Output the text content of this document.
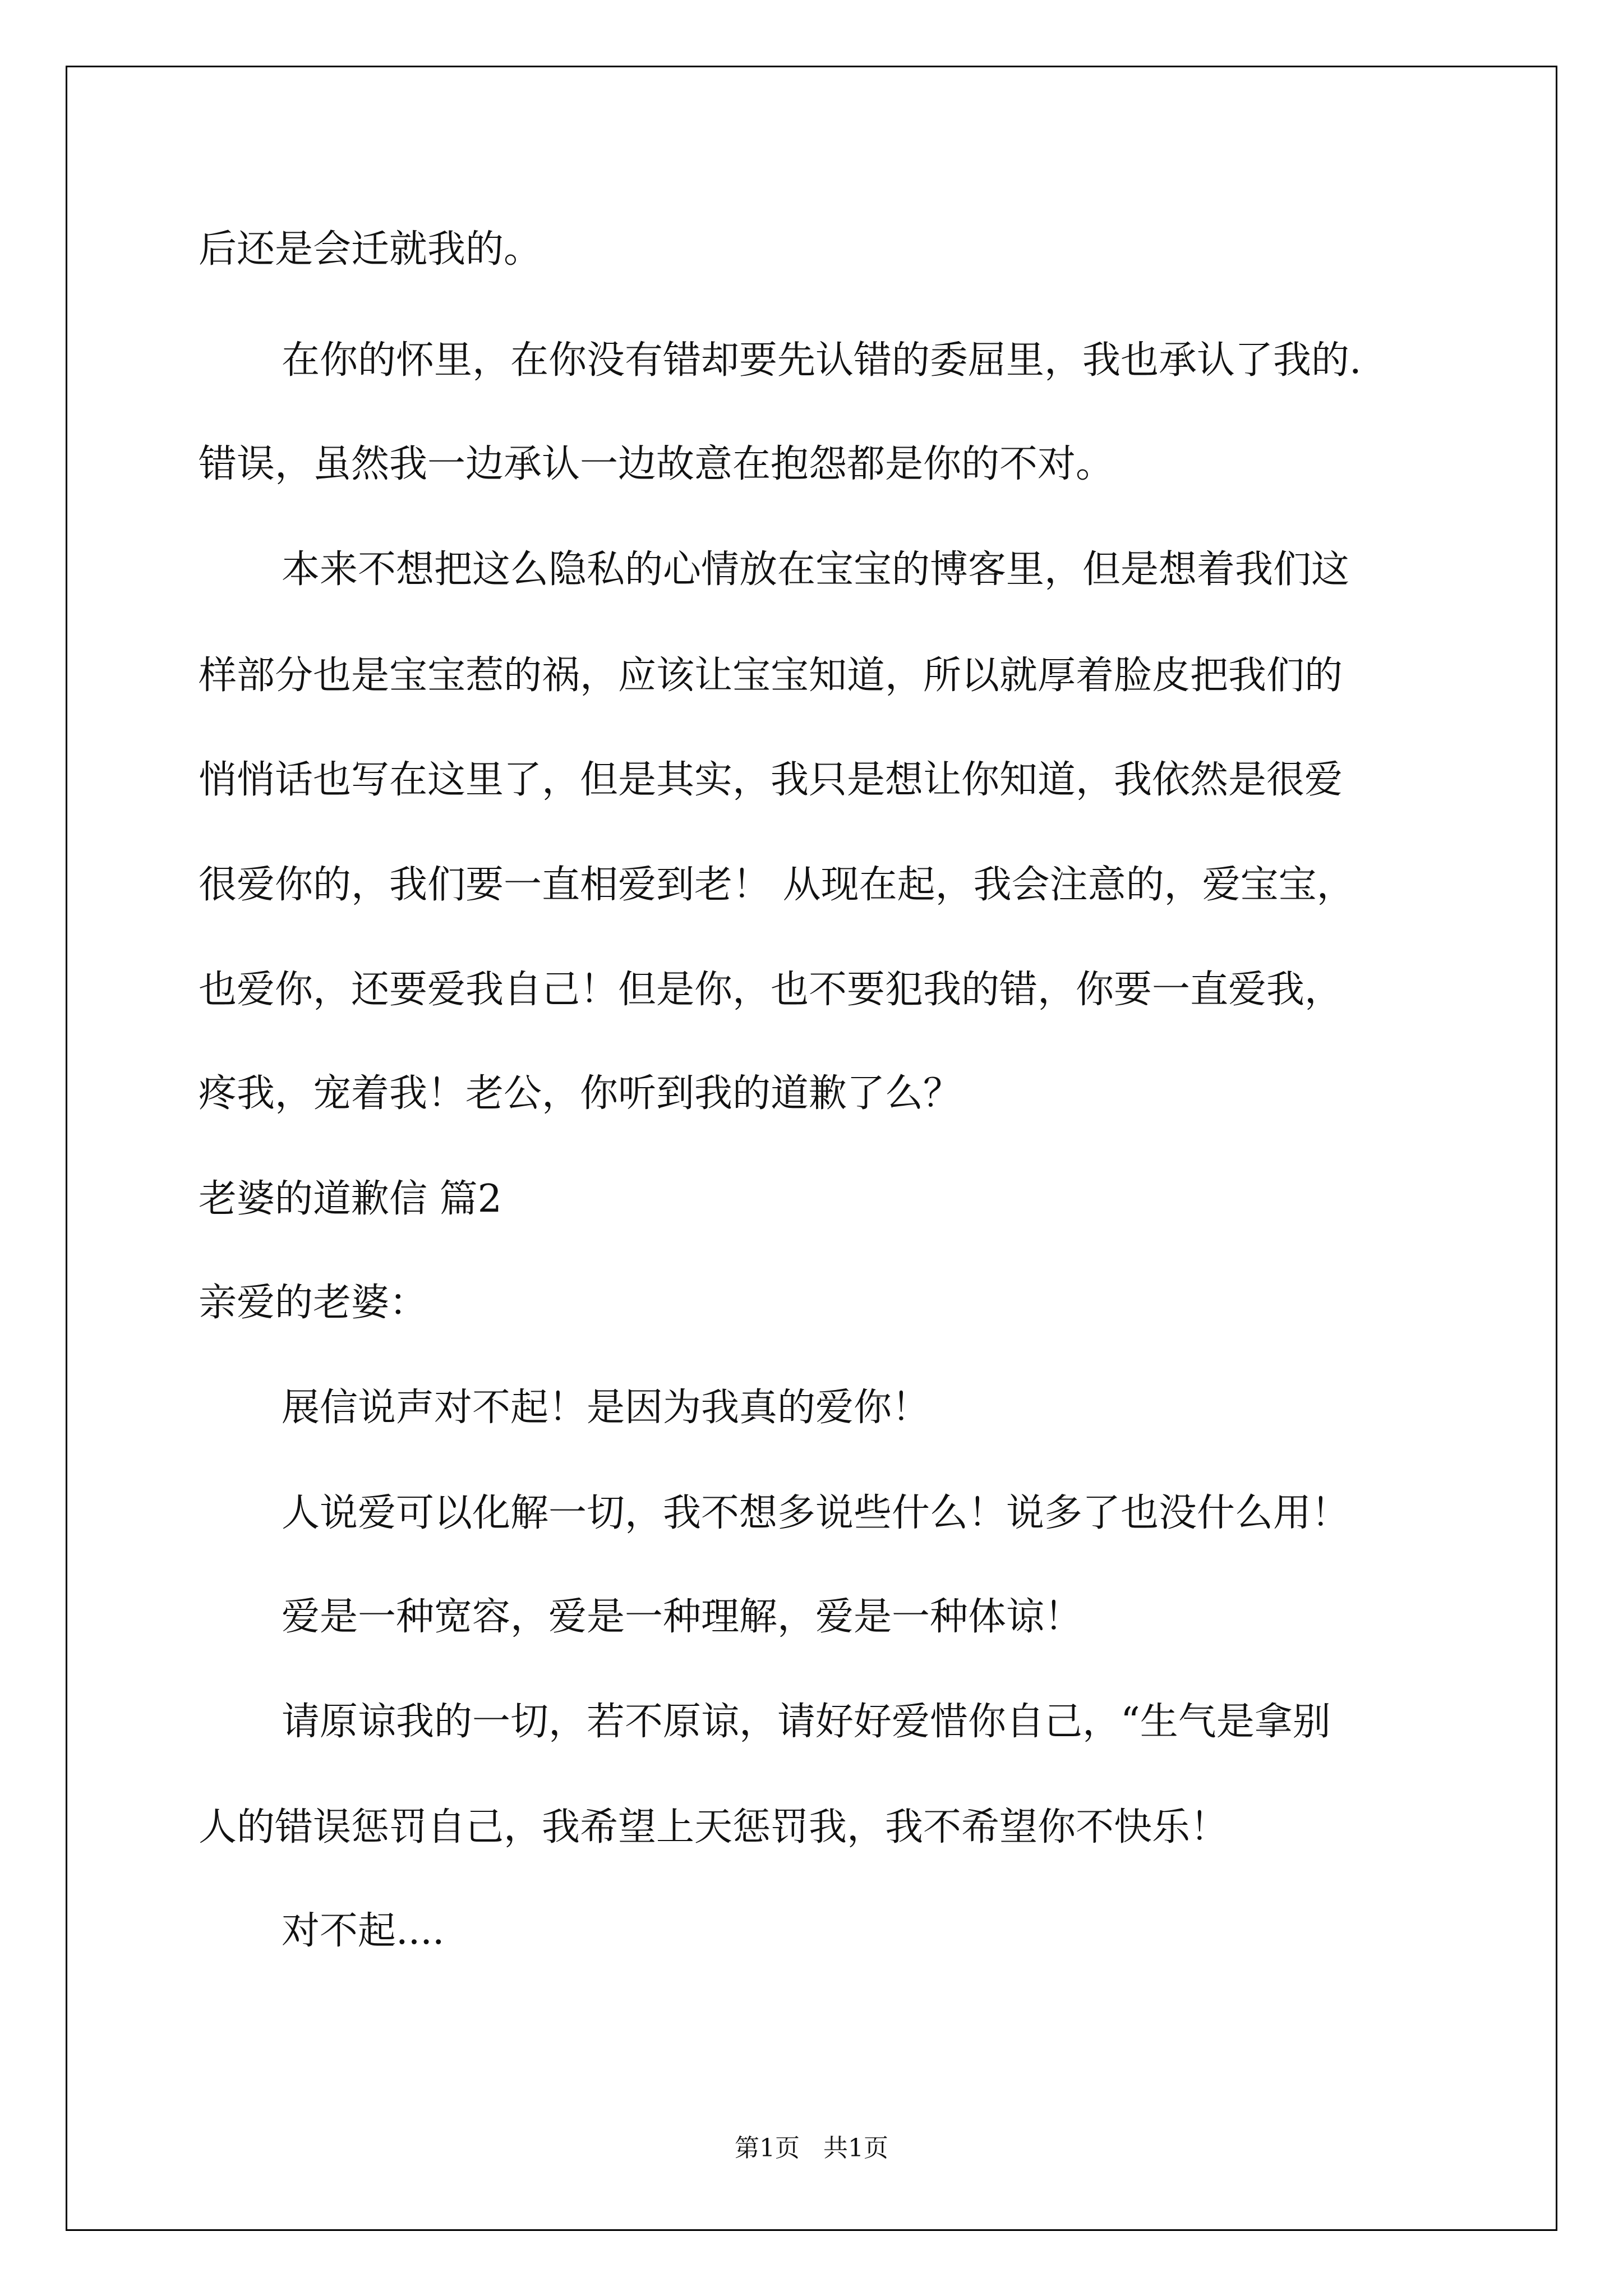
后还是会迁就我的。

在你的怀里，在你没有错却要先认错的委屈里，我也承认了我的.

错误，虽然我一边承认一边故意在抱怨都是你的不对。

本来不想把这么隐私的心情放在宝宝的博客里，但是想着我们这

样部分也是宝宝惹的祸，应该让宝宝知道，所以就厚着脸皮把我们的

悄悄话也写在这里了，但是其实，我只是想让你知道，我依然是很爱

很爱你的，我们要一直相爱到老！ 从现在起，我会注意的，爱宝宝，

也爱你，还要爱我自己！但是你，也不要犯我的错，你要一直爱我，

疼我，宠着我！老公，你听到我的道歉了么？

老婆的道歉信 篇2

亲爱的老婆：

展信说声对不起！是因为我真的爱你！

人说爱可以化解一切，我不想多说些什么！说多了也没什么用！

爱是一种宽容，爱是一种理解，爱是一种体谅！

请原谅我的一切，若不原谅，请好好爱惜你自己，“生气是拿别

人的错误惩罚自己，我希望上天惩罚我，我不希望你不快乐！

对不起....

第1页   共1页
